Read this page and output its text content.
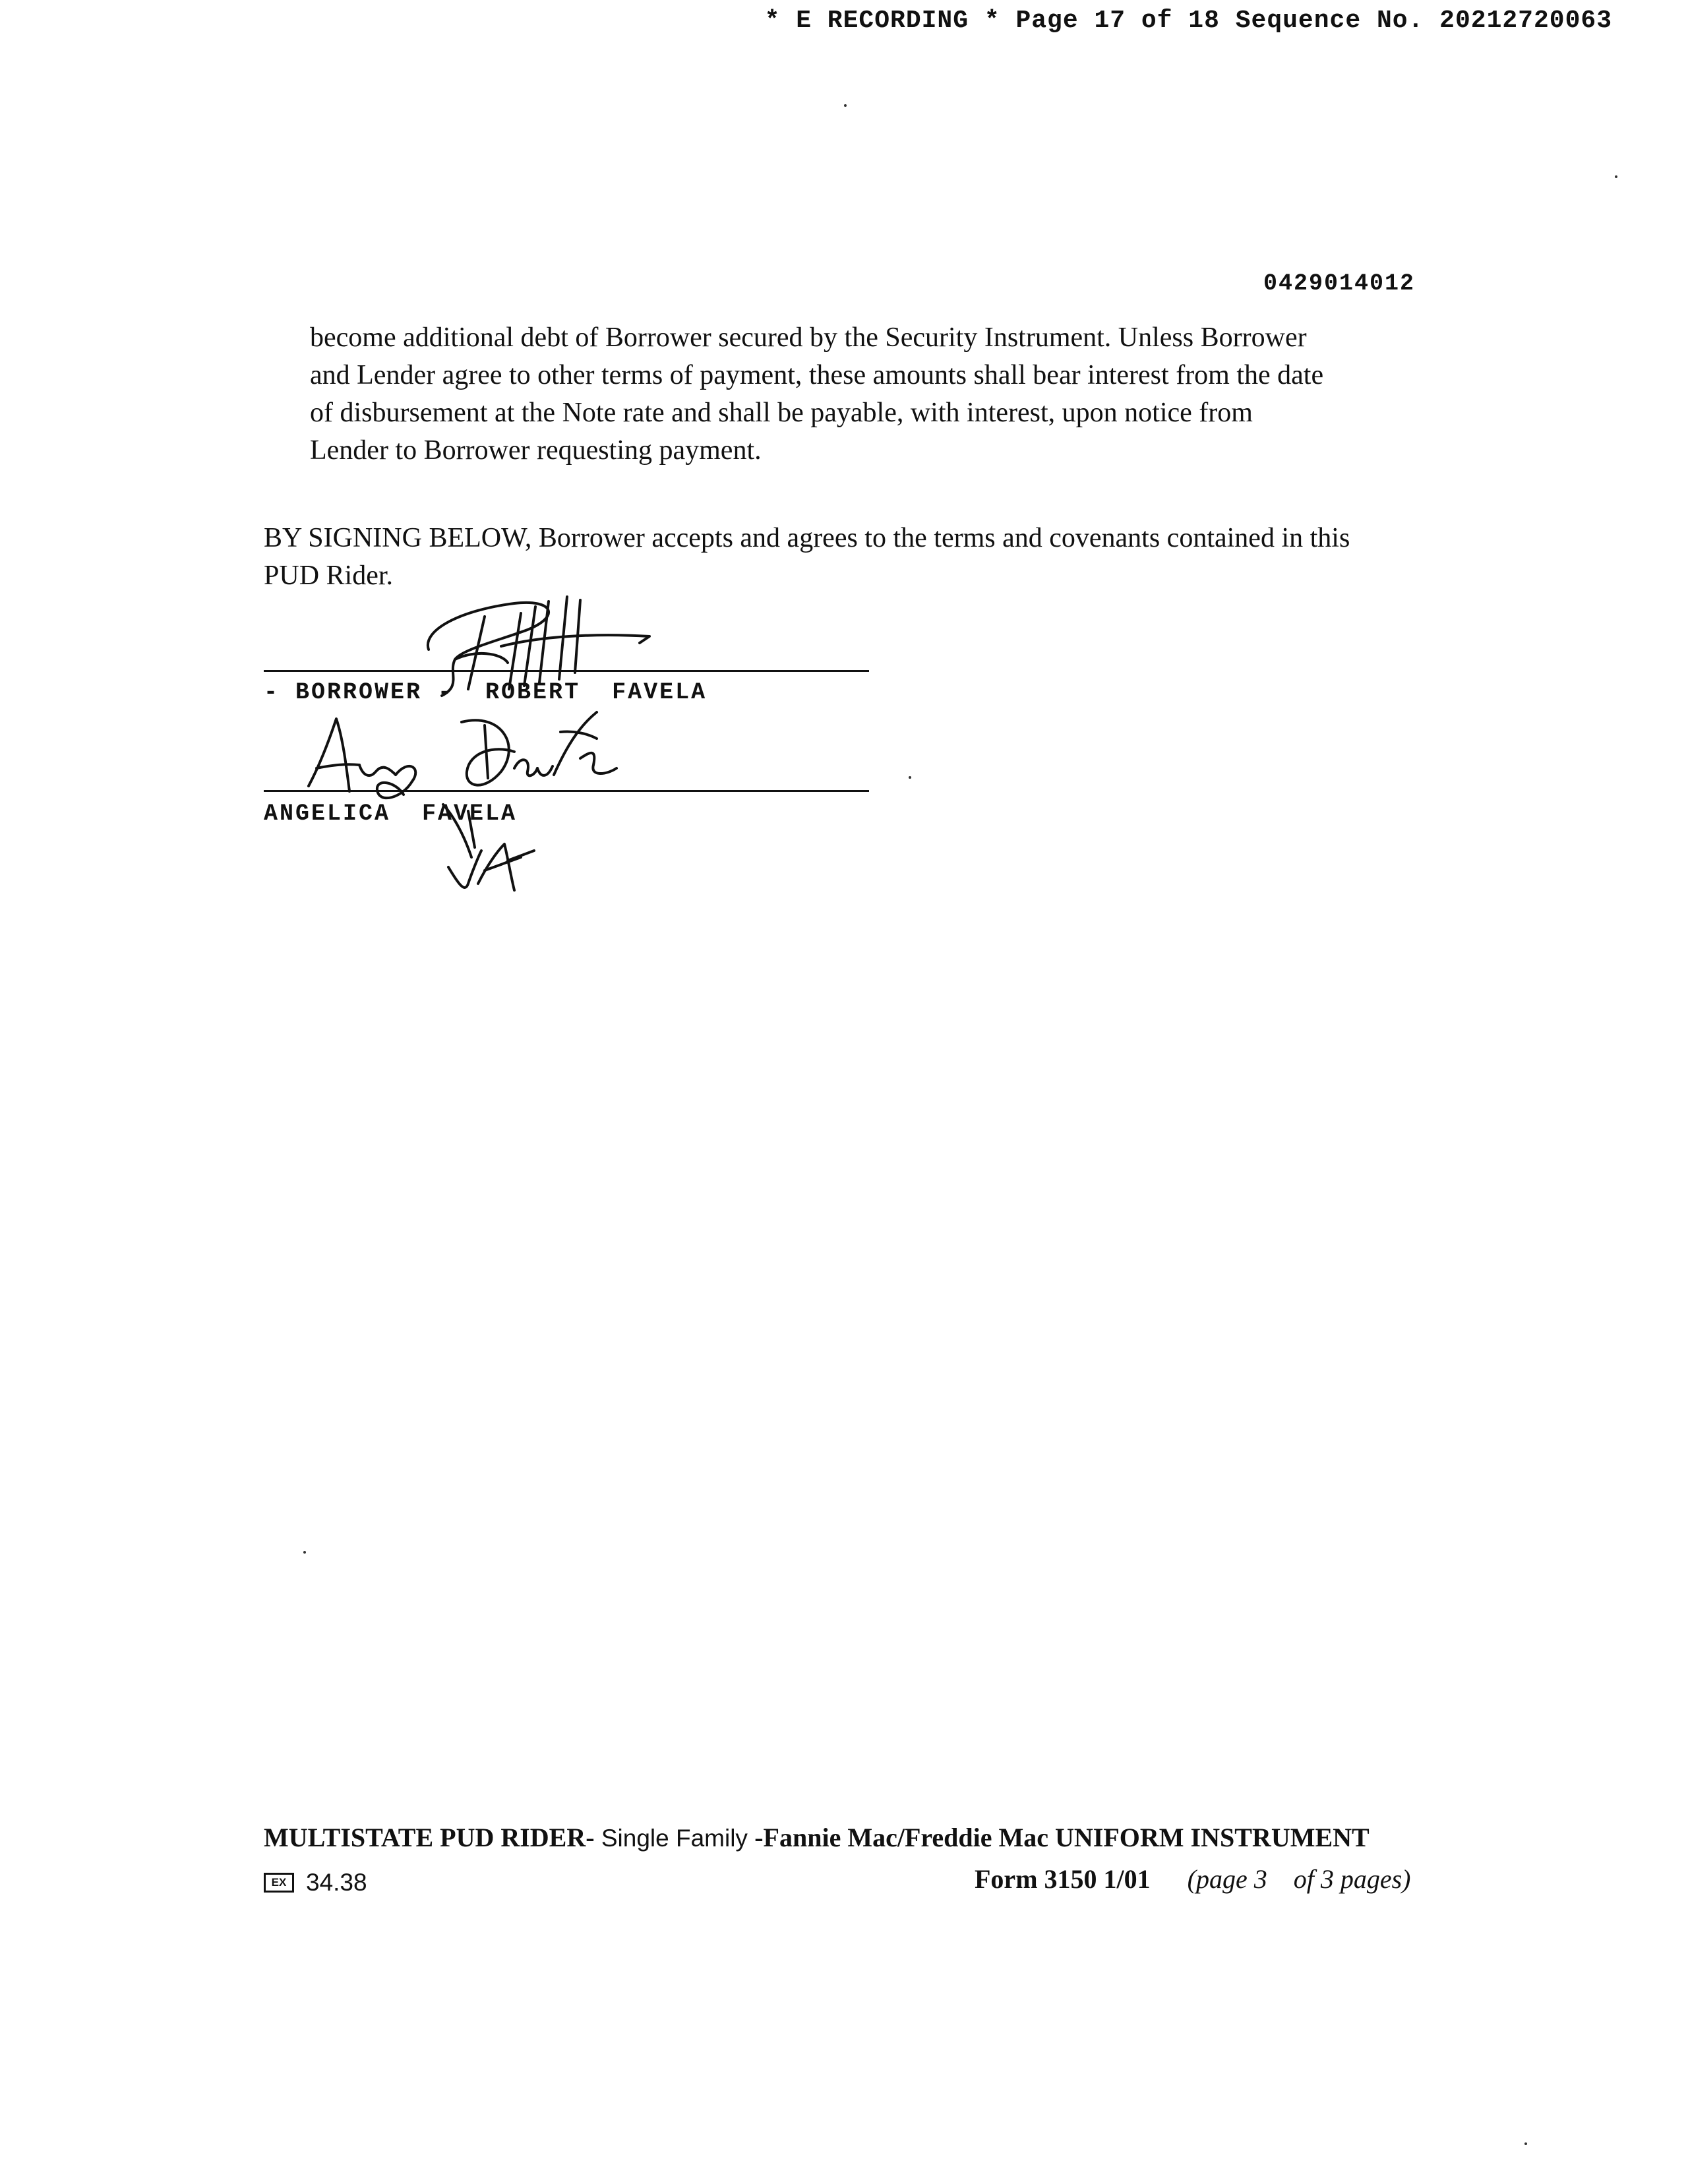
* E RECORDING * Page 17 of 18 Sequence No. 20212720063
0429014012
become additional debt of Borrower secured by the Security Instrument. Unless Borrower
and Lender agree to other terms of payment, these amounts shall bear interest from the date
of disbursement at the Note rate and shall be payable, with interest, upon notice from
Lender to Borrower requesting payment.
BY SIGNING BELOW, Borrower accepts and agrees to the terms and covenants contained in this
PUD Rider.
- BORROWER -  ROBERT  FAVELA
ANGELICA  FAVELA
MULTISTATE PUD RIDER- Single Family -Fannie Mac/Freddie Mac UNIFORM INSTRUMENT
EX 34.38	Form 3150 1/01 (page 3 of 3 pages)
